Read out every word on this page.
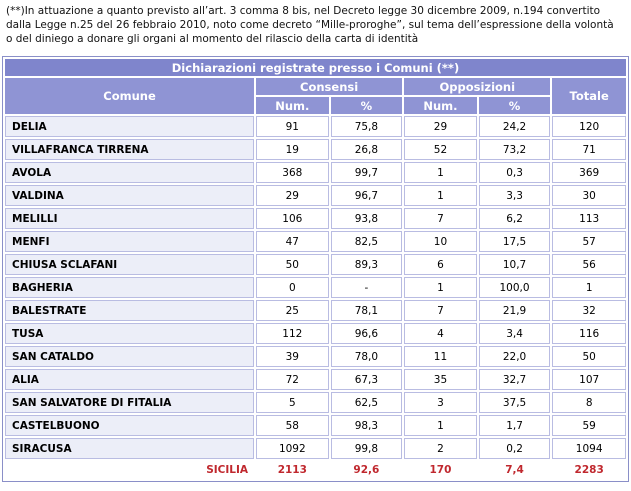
(**)In attuazione a quanto previsto all’art. 3 comma 8 bis, nel Decreto legge 30 dicembre 2009, n.194 convertito dalla Legge n.25 del 26 febbraio 2010, noto come decreto “Mille-proroghe”, sul tema dell’espressione della volontà o del diniego a donare gli organi al momento del rilascio della carta di identità
Dichiarazioni registrate presso i Comuni (**)					
Comune	Consensi		Opposizioni		Totale
	Num.	%	Num.	%	
DELIA	91	75,8	29	24,2	120
VILLAFRANCA TIRRENA	19	26,8	52	73,2	71
AVOLA	368	99,7	1	0,3	369
VALDINA	29	96,7	1	3,3	30
MELILLI	106	93,8	7	6,2	113
MENFI	47	82,5	10	17,5	57
CHIUSA SCLAFANI	50	89,3	6	10,7	56
BAGHERIA	0	-	1	100,0	1
BALESTRATE	25	78,1	7	21,9	32
TUSA	112	96,6	4	3,4	116
SAN CATALDO	39	78,0	11	22,0	50
ALIA	72	67,3	35	32,7	107
SAN SALVATORE DI FITALIA	5	62,5	3	37,5	8
CASTELBUONO	58	98,3	1	1,7	59
SIRACUSA	1092	99,8	2	0,2	1094
SICILIA	2113	92,6	170	7,4	2283
